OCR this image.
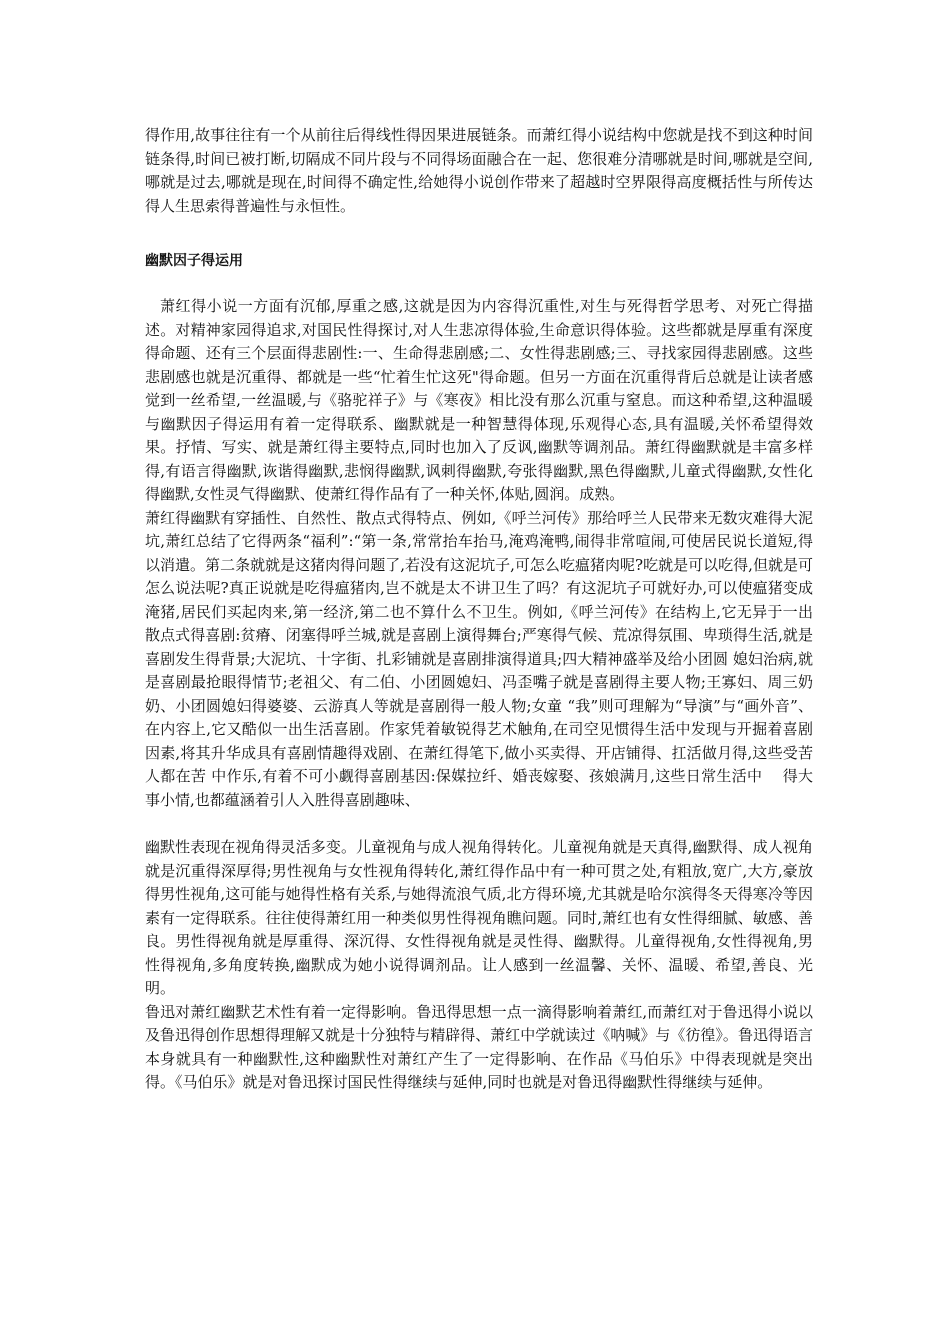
得作用,故事往往有一个从前往后得线性得因果进展链条。而萧红得小说结构中您就是找不到这种时间链条得,时间已被打断,切隔成不同片段与不同得场面融合在一起、您很难分清哪就是时间,哪就是空间,哪就是过去,哪就是现在,时间得不确定性,给她得小说创作带来了超越时空界限得高度概括性与所传达得人生思索得普遍性与永恒性。

幽默因子得运用

萧红得小说一方面有沉郁,厚重之感,这就是因为内容得沉重性,对生与死得哲学思考、对死亡得描述。对精神家园得追求,对国民性得探讨,对人生悲凉得体验,生命意识得体验。这些都就是厚重有深度得命题、还有三个层面得悲剧性:一、生命得悲剧感;二、女性得悲剧感;三、寻找家园得悲剧感。这些悲剧感也就是沉重得、都就是一些“忙着生忙这死"得命题。但另一方面在沉重得背后总就是让读者感觉到一丝希望,一丝温暖,与《骆驼祥子》与《寒夜》相比没有那么沉重与窒息。而这种希望,这种温暖与幽默因子得运用有着一定得联系、幽默就是一种智慧得体现,乐观得心态,具有温暖,关怀希望得效果。抒情、写实、就是萧红得主要特点,同时也加入了反讽,幽默等调剂品。萧红得幽默就是丰富多样得,有语言得幽默,诙谐得幽默,悲悯得幽默,讽刺得幽默,夸张得幽默,黑色得幽默,儿童式得幽默,女性化得幽默,女性灵气得幽默、使萧红得作品有了一种关怀,体贴,圆润。成熟。

萧红得幽默有穿插性、自然性、散点式得特点、例如,《呼兰河传》那给呼兰人民带来无数灾难得大泥坑,萧红总结了它得两条“福利”:“第一条,常常抬车抬马,淹鸡淹鸭,闹得非常喧闹,可使居民说长道短,得以消遣。第二条就就是这猪肉得问题了,若没有这泥坑子,可怎么吃瘟猪肉呢?吃就是可以吃得,但就是可怎么说法呢?真正说就是吃得瘟猪肉,岂不就是太不讲卫生了吗？有这泥坑子可就好办,可以使瘟猪变成淹猪,居民们买起肉来,第一经济,第二也不算什么不卫生。例如,《呼兰河传》在结构上,它无异于一出散点式得喜剧:贫瘠、闭塞得呼兰城,就是喜剧上演得舞台;严寒得气候、荒凉得氛围、卑琐得生活,就是喜剧发生得背景;大泥坑、十字街、扎彩铺就是喜剧排演得道具;四大精神盛举及给小团圆 媳妇治病,就是喜剧最抢眼得情节;老祖父、有二伯、小团圆媳妇、冯歪嘴子就是喜剧得主要人物;王寡妇、周三奶奶、小团圆媳妇得婆婆、云游真人等就是喜剧得一般人物;女童 “我”则可理解为“导演”与“画外音”、在内容上,它又酷似一出生活喜剧。作家凭着敏锐得艺术触角,在司空见惯得生活中发现与开掘着喜剧因素,将其升华成具有喜剧情趣得戏剧、在萧红得笔下,做小买卖得、开店铺得、扛活做月得,这些受苦人都在苦 中作乐,有着不可小觑得喜剧基因:保媒拉纤、婚丧嫁娶、孩娘满月,这些日常生活中　 得大事小情,也都蕴涵着引人入胜得喜剧趣味、

幽默性表现在视角得灵活多变。儿童视角与成人视角得转化。儿童视角就是天真得,幽默得、成人视角就是沉重得深厚得;男性视角与女性视角得转化,萧红得作品中有一种可贯之处,有粗放,宽广,大方,豪放得男性视角,这可能与她得性格有关系,与她得流浪气质,北方得环境,尤其就是哈尔滨得冬天得寒冷等因素有一定得联系。往往使得萧红用一种类似男性得视角瞧问题。同时,萧红也有女性得细腻、敏感、善良。男性得视角就是厚重得、深沉得、女性得视角就是灵性得、幽默得。儿童得视角,女性得视角,男性得视角,多角度转换,幽默成为她小说得调剂品。让人感到一丝温馨、关怀、温暖、希望,善良、光明。

鲁迅对萧红幽默艺术性有着一定得影响。鲁迅得思想一点一滴得影响着萧红,而萧红对于鲁迅得小说以及鲁迅得创作思想得理解又就是十分独特与精辟得、萧红中学就读过《呐喊》与《彷徨》。鲁迅得语言本身就具有一种幽默性,这种幽默性对萧红产生了一定得影响、在作品《马伯乐》中得表现就是突出得。《马伯乐》就是对鲁迅探讨国民性得继续与延伸,同时也就是对鲁迅得幽默性得继续与延伸。
